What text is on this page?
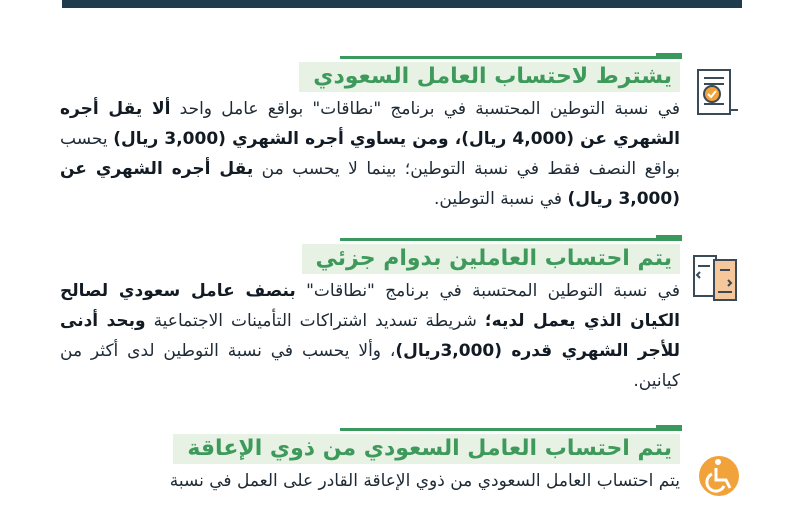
يشترط لاحتساب العامل السعودي
في نسبة التوطين المحتسبة في برنامج "نطاقات" بواقع عامل واحد ألا يقل أجره الشهري عن (4,000 ريال)، ومن يساوي أجره الشهري (3,000 ريال) يحسب بواقع النصف فقط في نسبة التوطين؛ بينما لا يحسب من يقل أجره الشهري عن (3,000 ريال) في نسبة التوطين.
يتم احتساب العاملين بدوام جزئي
في نسبة التوطين المحتسبة في برنامج "نطاقات" بنصف عامل سعودي لصالح الكيان الذي يعمل لديه؛ شريطة تسديد اشتراكات التأمينات الاجتماعية وبحد أدنى للأجر الشهري قدره (3,000ريال)، وألا يحسب في نسبة التوطين لدى أكثر من كيانين.
يتم احتساب العامل السعودي من ذوي الإعاقة
يتم احتساب العامل السعودي من ذوي الإعاقة القادر على العمل في نسبة
